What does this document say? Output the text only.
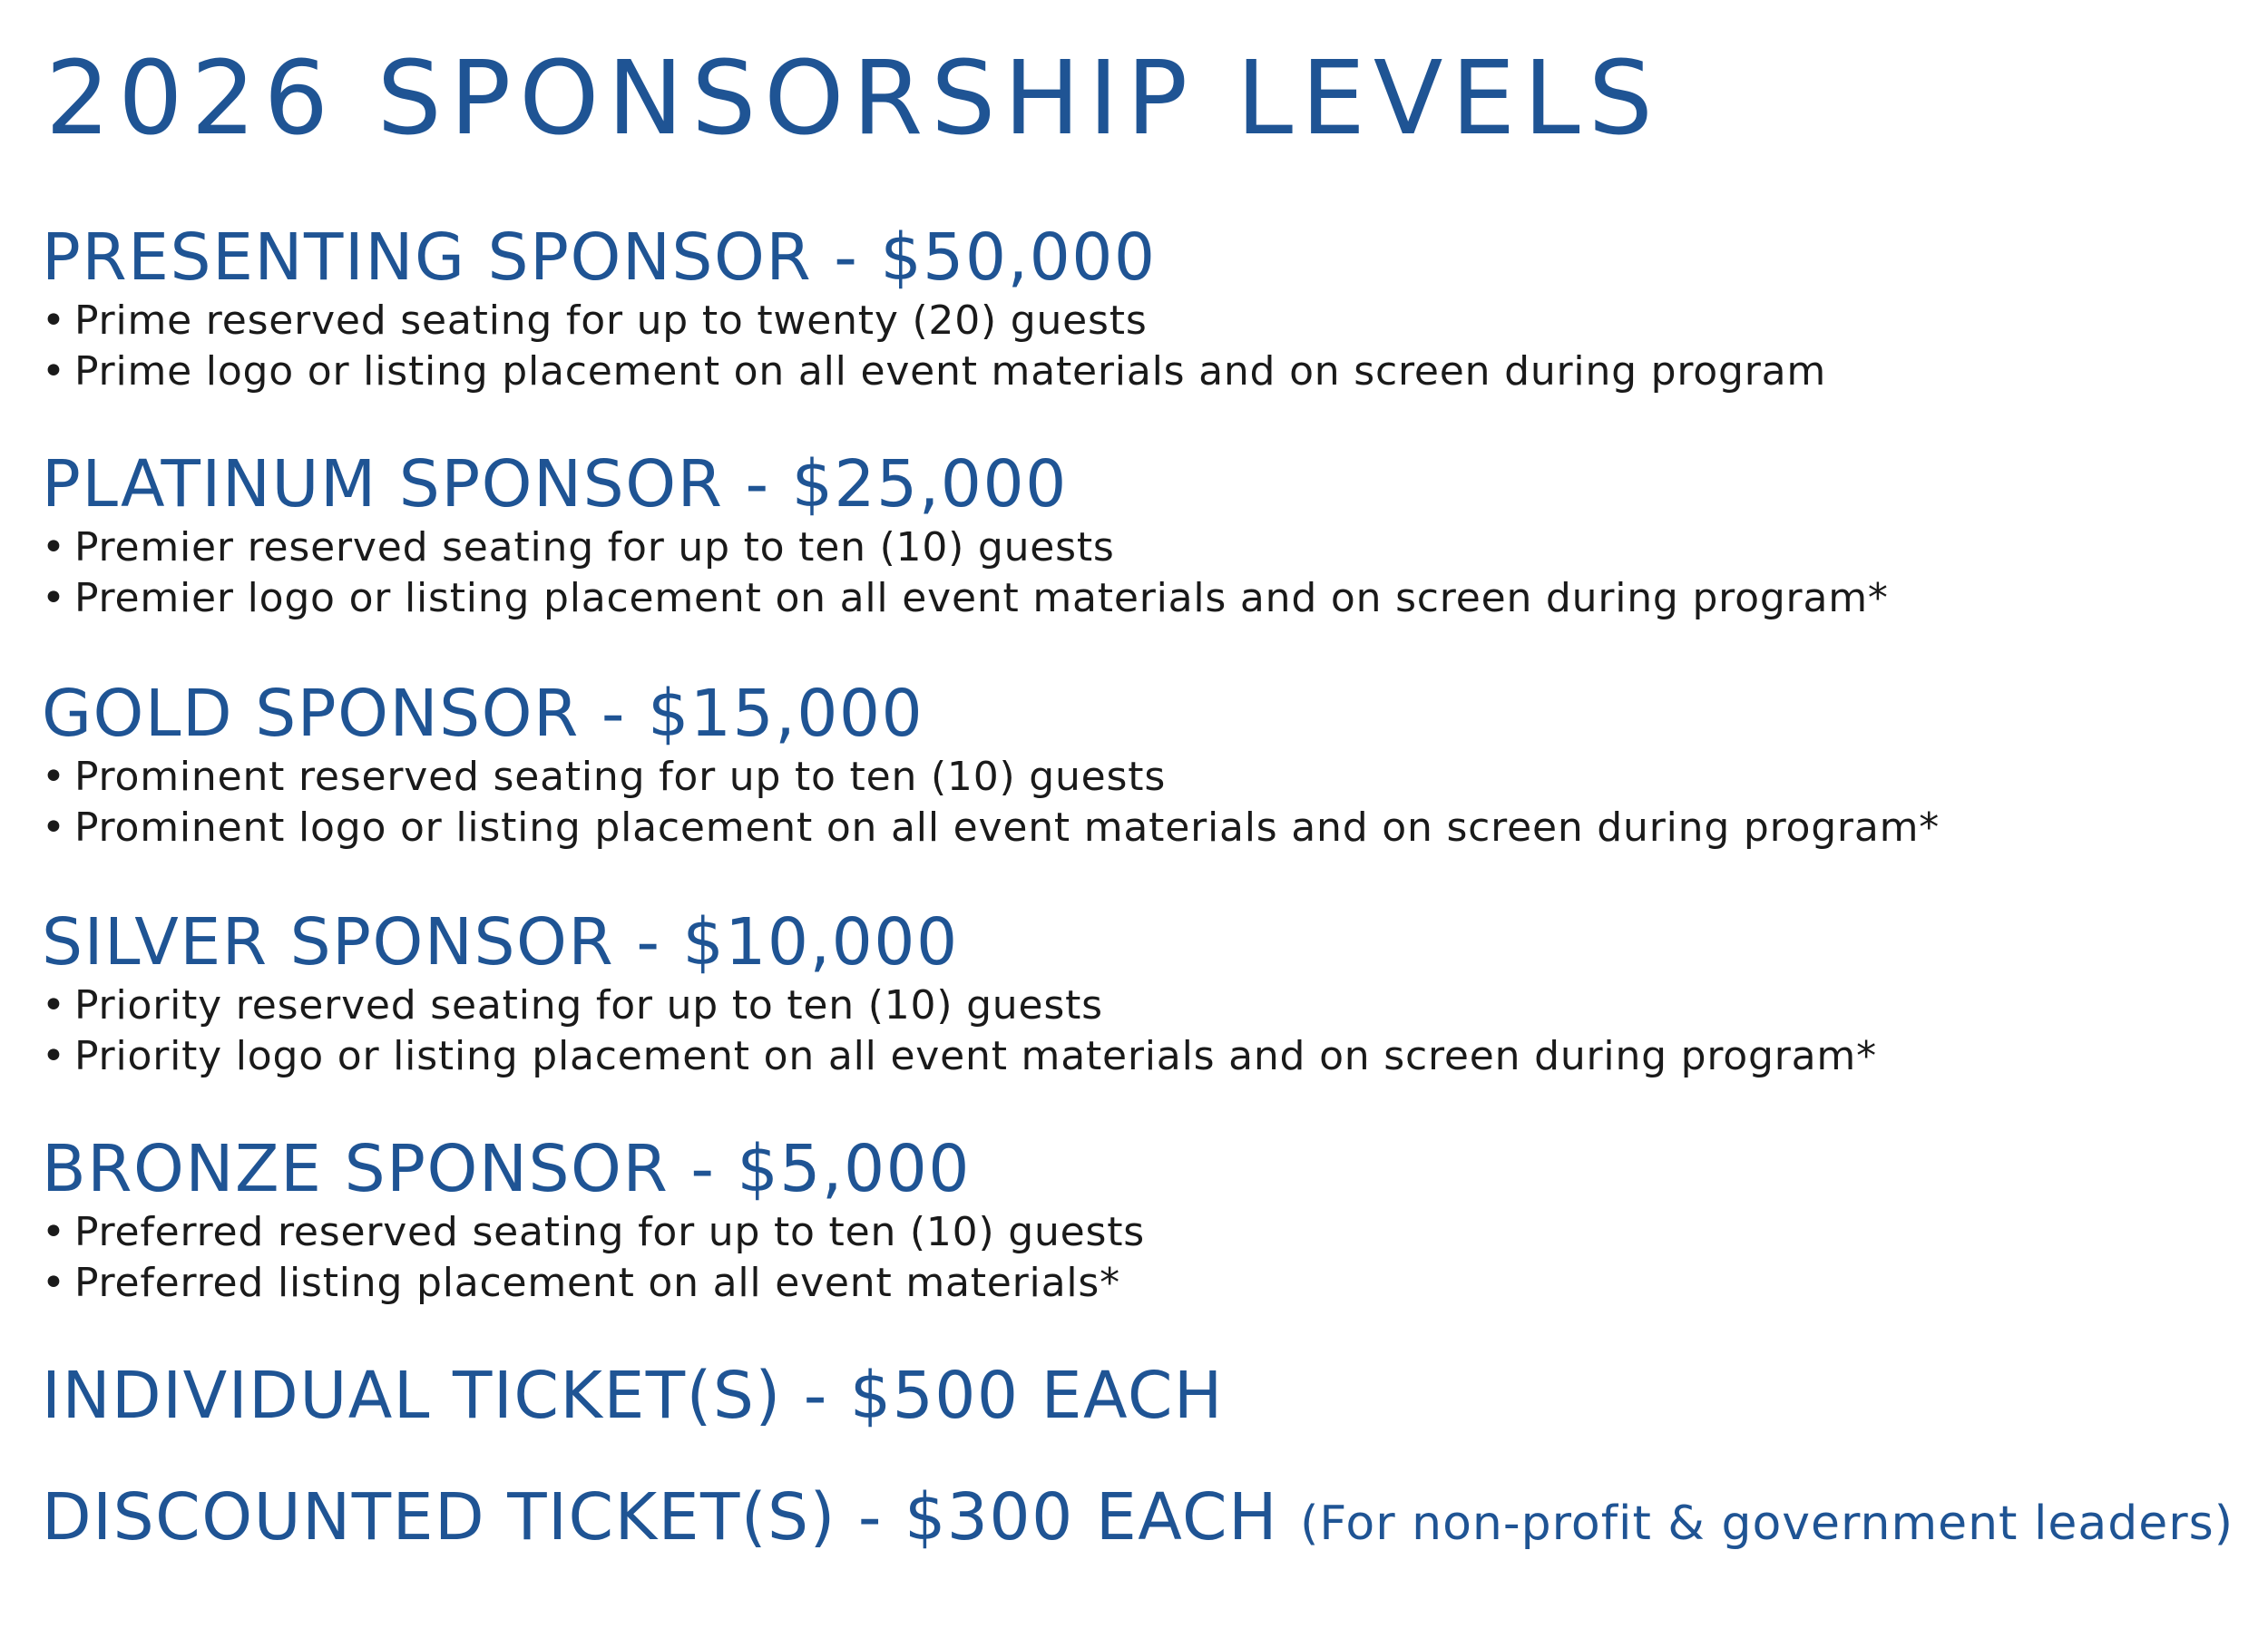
2026 SPONSORSHIP LEVELS
PRESENTING SPONSOR - $50,000
• Prime reserved seating for up to twenty (20) guests
• Prime logo or listing placement on all event materials and on screen during program
PLATINUM SPONSOR - $25,000
• Premier reserved seating for up to ten (10) guests
• Premier logo or listing placement on all event materials and on screen during program*
GOLD SPONSOR - $15,000
• Prominent reserved seating for up to ten (10) guests
• Prominent logo or listing placement on all event materials and on screen during program*
SILVER SPONSOR - $10,000
• Priority reserved seating for up to ten (10) guests
• Priority logo or listing placement on all event materials and on screen during program*
BRONZE SPONSOR - $5,000
• Preferred reserved seating for up to ten (10) guests
• Preferred listing placement on all event materials*
INDIVIDUAL TICKET(S) - $500 EACH
DISCOUNTED TICKET(S) - $300 EACH (For non-profit & government leaders)
